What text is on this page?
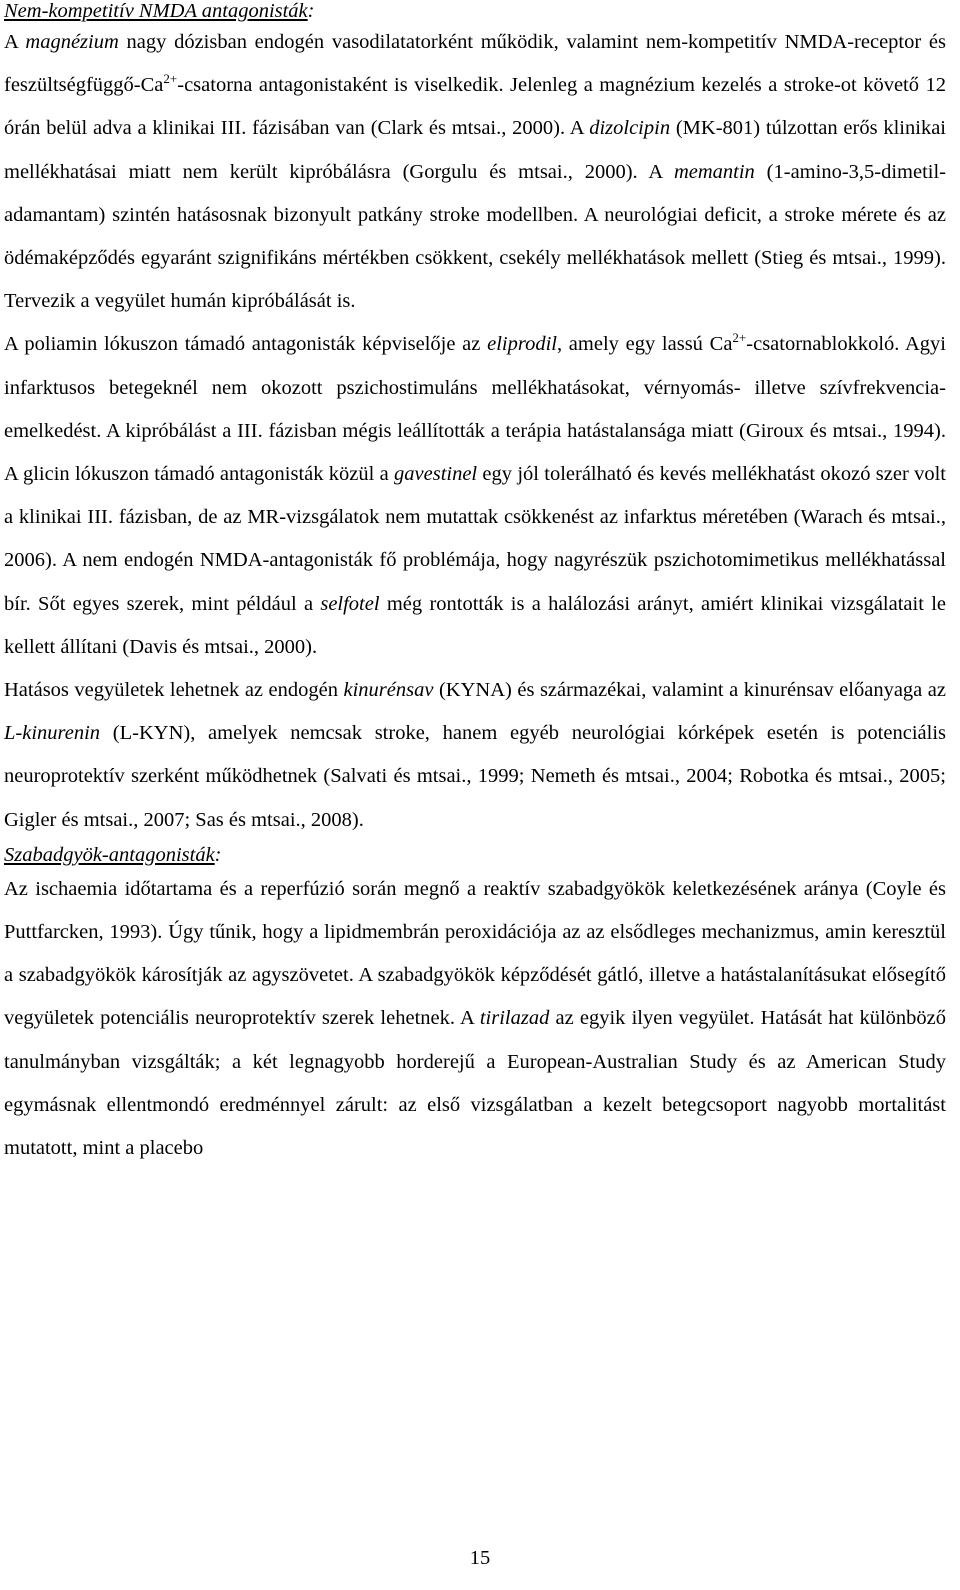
Nem-kompetitív NMDA antagonisták:

A magnézium nagy dózisban endogén vasodilatatorként működik, valamint nem-kompetitív NMDA-receptor és feszültségfüggő-$Ca^{2+}$-csatorna antagonistaként is viselkedik. Jelenleg a magnézium kezelés a stroke-ot követő 12 órán belül adva a klinikai III. fázisában van (Clark és mtsai., 2000). A dizolcipin (MK-801) túlzottan erős klinikai mellékhatásai miatt nem került kipróbálásra (Gorgulu és mtsai., 2000). A memantin (1-amino-3,5-dimetil-adamantam) szintén hatásosnak bizonyult patkány stroke modellben. A neurológiai deficit, a stroke mérete és az ödémaképződés egyaránt szignifikáns mértékben csökkent, csekély mellékhatások mellett (Stieg és mtsai., 1999). Tervezik a vegyület humán kipróbálását is.

A poliamin lókuszon támadó antagonisták képviselője az eliprodil, amely egy lassú $Ca^{2+}$-csatornablokkoló. Agyi infarktusos betegeknél nem okozott pszichostimuláns mellékhatásokat, vérnyomás- illetve szívfrekvencia-emelkedést. A kipróbálást a III. fázisban mégis leállították a terápia hatástalansága miatt (Giroux és mtsai., 1994). A glicin lókuszon támadó antagonisták közül a gavestinel egy jól tolerálható és kevés mellékhatást okozó szer volt a klinikai III. fázisban, de az MR-vizsgálatok nem mutattak csökkenést az infarktus méretében (Warach és mtsai., 2006). A nem endogén NMDA-antagonisták fő problémája, hogy nagyrészük pszichotomimetikus mellékhatással bír. Sőt egyes szerek, mint például a selfotel még rontották is a halálozási arányt, amiért klinikai vizsgálatait le kellett állítani (Davis és mtsai., 2000).

Hatásos vegyületek lehetnek az endogén kinurénsav (KYNA) és származékai, valamint a kinurénsav előanyaga az L-kinurenin (L-KYN), amelyek nemcsak stroke, hanem egyéb neurológiai kórképek esetén is potenciális neuroprotektív szerként működhetnek (Salvati és mtsai., 1999; Nemeth és mtsai., 2004; Robotka és mtsai., 2005; Gigler és mtsai., 2007; Sas és mtsai., 2008).

Szabadgyök-antagonisták:

Az ischaemia időtartama és a reperfúzió során megnő a reaktív szabadgyökök keletkezésének aránya (Coyle és Puttfarcken, 1993). Úgy tűnik, hogy a lipidmembrán peroxidációja az az elsődleges mechanizmus, amin keresztül a szabadgyökök károsítják az agyszövetet. A szabadgyökök képződését gátló, illetve a hatástalanításukat elősegítő vegyületek potenciális neuroprotektív szerek lehetnek. A tirilazad az egyik ilyen vegyület. Hatását hat különböző tanulmányban vizsgálták; a két legnagyobb horderejű a European-Australian Study és az American Study egymásnak ellentmondó eredménnyel zárult: az első vizsgálatban a kezelt betegcsoport nagyobb mortalitást mutatott, mint a placebo

15
